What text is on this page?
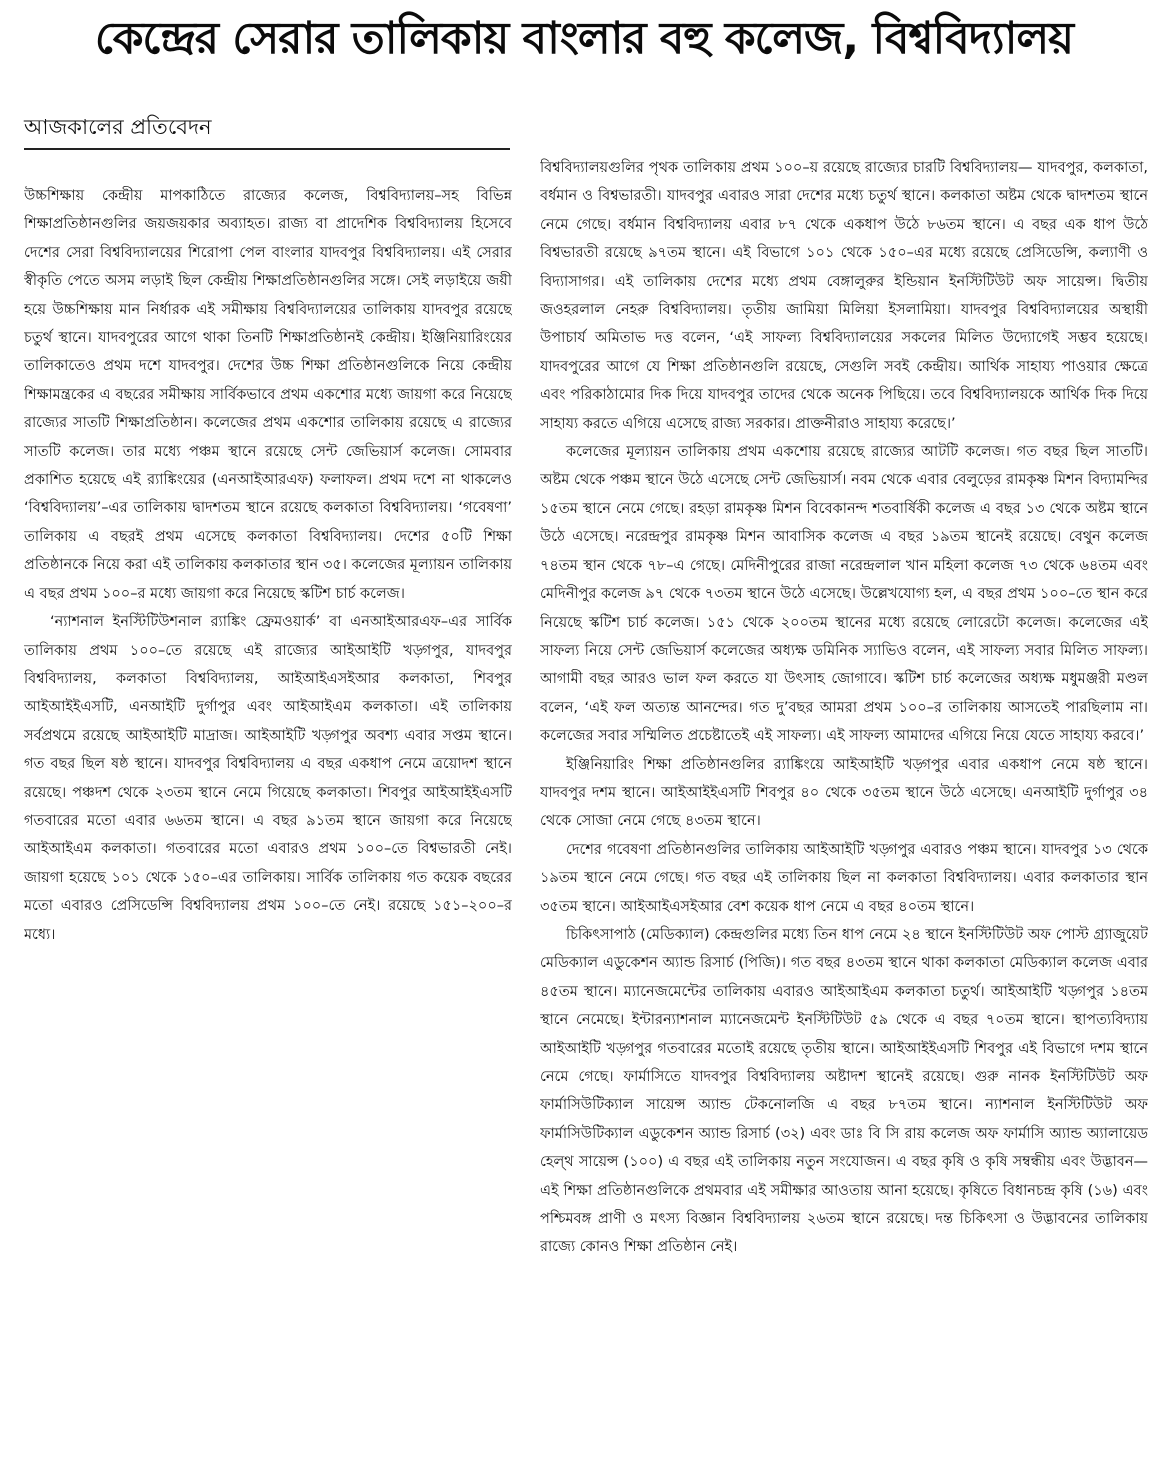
কেন্দ্রের সেরার তালিকায় বাংলার বহু কলেজ, বিশ্ববিদ্যালয়
আজকালের প্রতিবেদন

উচ্চশিক্ষায় কেন্দ্রীয় মাপকাঠিতে রাজ্যের কলেজ, বিশ্ববিদ্যালয়–সহ বিভিন্ন শিক্ষাপ্রতিষ্ঠানগুলির জয়জয়কার অব্যাহত। রাজ্য বা প্রাদেশিক বিশ্ববিদ্যালয় হিসেবে দেশের সেরা বিশ্ববিদ্যালয়ের শিরোপা পেল বাংলার যাদবপুর বিশ্ববিদ্যালয়। এই সেরার স্বীকৃতি পেতে অসম লড়াই ছিল কেন্দ্রীয় শিক্ষাপ্রতিষ্ঠানগুলির সঙ্গে। সেই লড়াইয়ে জয়ী হয়ে উচ্চশিক্ষায় মান নির্ধারক এই সমীক্ষায় বিশ্ববিদ্যালয়ের তালিকায় যাদবপুর রয়েছে চতুর্থ স্থানে। যাদবপুরের আগে থাকা তিনটি শিক্ষাপ্রতিষ্ঠানই কেন্দ্রীয়। ইঞ্জিনিয়ারিংয়ের তালিকাতেও প্রথম দশে যাদবপুর। দেশের উচ্চ শিক্ষা প্রতিষ্ঠানগুলিকে নিয়ে কেন্দ্রীয় শিক্ষামন্ত্রকের এ বছরের সমীক্ষায় সার্বিকভাবে প্রথম একশোর মধ্যে জায়গা করে নিয়েছে রাজ্যের সাতটি শিক্ষাপ্রতিষ্ঠান। কলেজের প্রথম একশোর তালিকায় রয়েছে এ রাজ্যের সাতটি কলেজ। তার মধ্যে পঞ্চম স্থানে রয়েছে সেন্ট জেভিয়ার্স কলেজ। সোমবার প্রকাশিত হয়েছে এই র‌্যাঙ্কিংয়ের (এনআইআরএফ) ফলাফল। প্রথম দশে না থাকলেও ‘বিশ্ববিদ্যালয়’–এর তালিকায় দ্বাদশতম স্থানে রয়েছে কলকাতা বিশ্ববিদ্যালয়। ‘গবেষণা’ তালিকায় এ বছরই প্রথম এসেছে কলকাতা বিশ্ববিদ্যালয়। দেশের ৫০টি শিক্ষা প্রতিষ্ঠানকে নিয়ে করা এই তালিকায় কলকাতার স্থান ৩৫। কলেজের মূল্যায়ন তালিকায় এ বছর প্রথম ১০০–র মধ্যে জায়গা করে নিয়েছে স্কটিশ চার্চ কলেজ।

‘ন্যাশনাল ইনস্টিটিউশনাল র‌্যাঙ্কিং ফ্রেমওয়ার্ক’ বা এনআইআরএফ–এর সার্বিক তালিকায় প্রথম ১০০–তে রয়েছে এই রাজ্যের আইআইটি খড়্গপুর, যাদবপুর বিশ্ববিদ্যালয়, কলকাতা বিশ্ববিদ্যালয়, আইআইএসইআর কলকাতা, শিবপুর আইআইইএসটি, এনআইটি দুর্গাপুর এবং আইআইএম কলকাতা। এই তালিকায় সর্বপ্রথমে রয়েছে আইআইটি মাদ্রাজ। আইআইটি খড়্গপুর অবশ্য এবার সপ্তম স্থানে। গত বছর ছিল ষষ্ঠ স্থানে। যাদবপুর বিশ্ববিদ্যালয় এ বছর একধাপ নেমে ত্রয়োদশ স্থানে রয়েছে। পঞ্চদশ থেকে ২৩তম স্থানে নেমে গিয়েছে কলকাতা। শিবপুর আইআইইএসটি গতবারের মতো এবার ৬৬তম স্থানে। এ বছর ৯১তম স্থানে জায়গা করে নিয়েছে আইআইএম কলকাতা। গতবারের মতো এবারও প্রথম ১০০–তে বিশ্বভারতী নেই। জায়গা হয়েছে ১০১ থেকে ১৫০–এর তালিকায়। সার্বিক তালিকায় গত কয়েক বছরের মতো এবারও প্রেসিডেন্সি বিশ্ববিদ্যালয় প্রথম ১০০–তে নেই। রয়েছে ১৫১–২০০–র মধ্যে।

বিশ্ববিদ্যালয়গুলির পৃথক তালিকায় প্রথম ১০০–য় রয়েছে রাজ্যের চারটি বিশ্ববিদ্যালয়— যাদবপুর, কলকাতা, বর্ধমান ও বিশ্বভারতী। যাদবপুর এবারও সারা দেশের মধ্যে চতুর্থ স্থানে। কলকাতা অষ্টম থেকে দ্বাদশতম স্থানে নেমে গেছে। বর্ধমান বিশ্ববিদ্যালয় এবার ৮৭ থেকে একধাপ উঠে ৮৬তম স্থানে। এ বছর এক ধাপ উঠে বিশ্বভারতী রয়েছে ৯৭তম স্থানে। এই বিভাগে ১০১ থেকে ১৫০–এর মধ্যে রয়েছে প্রেসিডেন্সি, কল্যাণী ও বিদ্যাসাগর। এই তালিকায় দেশের মধ্যে প্রথম বেঙ্গালুরুর ইন্ডিয়ান ইনস্টিটিউট অফ সায়েন্স। দ্বিতীয় জওহরলাল নেহরু বিশ্ববিদ্যালয়। তৃতীয় জামিয়া মিলিয়া ইসলামিয়া। যাদবপুর বিশ্ববিদ্যালয়ের অস্থায়ী উপাচার্য অমিতাভ দত্ত বলেন, ‘এই সাফল্য বিশ্ববিদ্যালয়ের সকলের মিলিত উদ্যোগেই সম্ভব হয়েছে। যাদবপুরের আগে যে শিক্ষা প্রতিষ্ঠানগুলি রয়েছে, সেগুলি সবই কেন্দ্রীয়। আর্থিক সাহায্য পাওয়ার ক্ষেত্রে এবং পরিকাঠামোর দিক দিয়ে যাদবপুর তাদের থেকে অনেক পিছিয়ে। তবে বিশ্ববিদ্যালয়কে আর্থিক দিক দিয়ে সাহায্য করতে এগিয়ে এসেছে রাজ্য সরকার। প্রাক্তনীরাও সাহায্য করেছে।’

কলেজের মূল্যায়ন তালিকায় প্রথম একশোয় রয়েছে রাজ্যের আটটি কলেজ। গত বছর ছিল সাতটি। অষ্টম থেকে পঞ্চম স্থানে উঠে এসেছে সেন্ট জেভিয়ার্স। নবম থেকে এবার বেলুড়ের রামকৃষ্ণ মিশন বিদ্যামন্দির ১৫তম স্থানে নেমে গেছে। রহড়া রামকৃষ্ণ মিশন বিবেকানন্দ শতবার্ষিকী কলেজ এ বছর ১৩ থেকে অষ্টম স্থানে উঠে এসেছে। নরেন্দ্রপুর রামকৃষ্ণ মিশন আবাসিক কলেজ এ বছর ১৯তম স্থানেই রয়েছে। বেথুন কলেজ ৭৪তম স্থান থেকে ৭৮–এ গেছে। মেদিনীপুরের রাজা নরেন্দ্রলাল খান মহিলা কলেজ ৭৩ থেকে ৬৪তম এবং মেদিনীপুর কলেজ ৯৭ থেকে ৭৩তম স্থানে উঠে এসেছে। উল্লেখযোগ্য হল, এ বছর প্রথম ১০০–তে স্থান করে নিয়েছে স্কটিশ চার্চ কলেজ। ১৫১ থেকে ২০০তম স্থানের মধ্যে রয়েছে লোরেটো কলেজ। কলেজের এই সাফল্য নিয়ে সেন্ট জেভিয়ার্স কলেজের অধ্যক্ষ ডমিনিক স্যাভিও বলেন, এই সাফল্য সবার মিলিত সাফল্য। আগামী বছর আরও ভাল ফল করতে যা উৎসাহ জোগাবে। স্কটিশ চার্চ কলেজের অধ্যক্ষ মধুমঞ্জরী মণ্ডল বলেন, ‘এই ফল অত্যন্ত আনন্দের। গত দু’বছর আমরা প্রথম ১০০–র তালিকায় আসতেই পারছিলাম না। কলেজের সবার সম্মিলিত প্রচেষ্টাতেই এই সাফল্য। এই সাফল্য আমাদের এগিয়ে নিয়ে যেতে সাহায্য করবে।’

ইঞ্জিনিয়ারিং শিক্ষা প্রতিষ্ঠানগুলির র‌্যাঙ্কিংয়ে আইআইটি খড়্গপুর এবার একধাপ নেমে ষষ্ঠ স্থানে। যাদবপুর দশম স্থানে। আইআইইএসটি শিবপুর ৪০ থেকে ৩৫তম স্থানে উঠে এসেছে। এনআইটি দুর্গাপুর ৩৪ থেকে সোজা নেমে গেছে ৪৩তম স্থানে।

দেশের গবেষণা প্রতিষ্ঠানগুলির তালিকায় আইআইটি খড়্গপুর এবারও পঞ্চম স্থানে। যাদবপুর ১৩ থেকে ১৯তম স্থানে নেমে গেছে। গত বছর এই তালিকায় ছিল না কলকাতা বিশ্ববিদ্যালয়। এবার কলকাতার স্থান ৩৫তম স্থানে। আইআইএসইআর বেশ কয়েক ধাপ নেমে এ বছর ৪০তম স্থানে।

চিকিৎসাপাঠ (মেডিক্যাল) কেন্দ্রগুলির মধ্যে তিন ধাপ নেমে ২৪ স্থানে ইনস্টিটিউট অফ পোস্ট গ্র্যাজুয়েট মেডিক্যাল এডুকেশন অ্যান্ড রিসার্চ (পিজি)। গত বছর ৪৩তম স্থানে থাকা কলকাতা মেডিক্যাল কলেজ এবার ৪৫তম স্থানে। ম্যানেজমেন্টের তালিকায় এবারও আইআইএম কলকাতা চতুর্থ। আইআইটি খড়্গপুর ১৪তম স্থানে নেমেছে। ইন্টারন্যাশনাল ম্যানেজমেন্ট ইনস্টিটিউট ৫৯ থেকে এ বছর ৭০তম স্থানে। স্থাপত্যবিদ্যায় আইআইটি খড়্গপুর গতবারের মতোই রয়েছে তৃতীয় স্থানে। আইআইইএসটি শিবপুর এই বিভাগে দশম স্থানে নেমে গেছে। ফার্মাসিতে যাদবপুর বিশ্ববিদ্যালয় অষ্টাদশ স্থানেই রয়েছে। গুরু নানক ইনস্টিটিউট অফ ফার্মাসিউটিক্যাল সায়েন্স অ্যান্ড টেকনোলজি এ বছর ৮৭তম স্থানে। ন্যাশনাল ইনস্টিটিউট অফ ফার্মাসিউটিক্যাল এডুকেশন অ্যান্ড রিসার্চ (৩২) এবং ডাঃ বি সি রায় কলেজ অফ ফার্মাসি অ্যান্ড অ্যালায়েড হেল্‌থ সায়েন্স (১০০) এ বছর এই তালিকায় নতুন সংযোজন। এ বছর কৃষি ও কৃষি সম্বন্ধীয় এবং উদ্ভাবন— এই শিক্ষা প্রতিষ্ঠানগুলিকে প্রথমবার এই সমীক্ষার আওতায় আনা হয়েছে। কৃষিতে বিধানচন্দ্র কৃষি (১৬) এবং পশ্চিমবঙ্গ প্রাণী ও মৎস্য বিজ্ঞান বিশ্ববিদ্যালয় ২৬তম স্থানে রয়েছে। দন্ত চিকিৎসা ও উদ্ভাবনের তালিকায় রাজ্যে কোনও শিক্ষা প্রতিষ্ঠান নেই।
